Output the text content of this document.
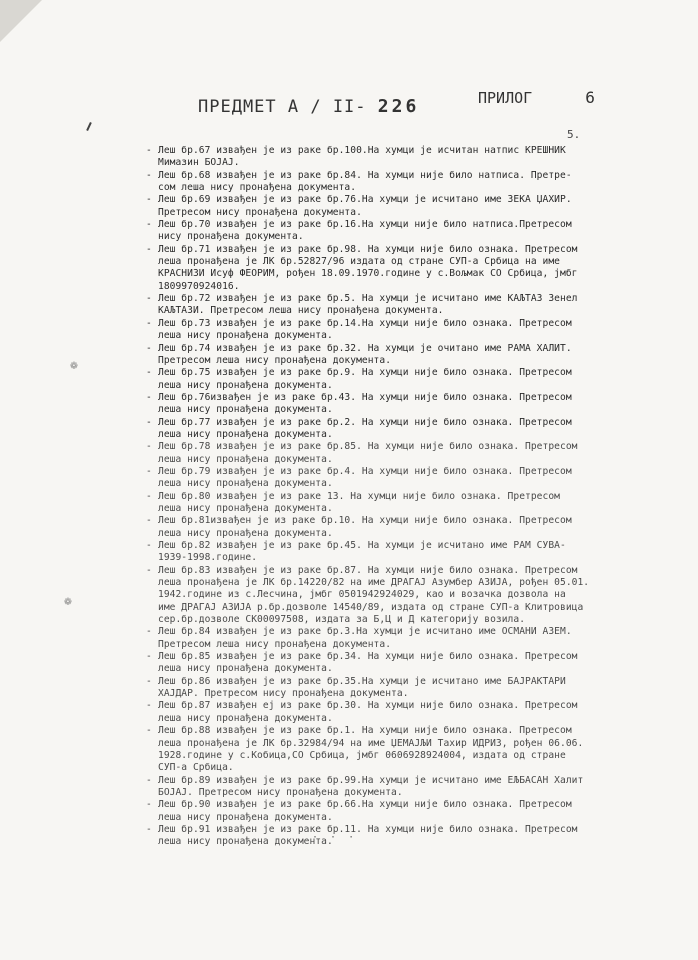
ПРЕДМЕТ А / II- 226	ПРИЛОГ	6
5.
❁
❁
- Леш бр.67 извађен је из раке бр.100.На хумци је исчитан натпис КРЕШНИК
Мимазин БОЈАЈ.
- Леш бр.68 извађен је из раке бр.84. На хумци није било натписа. Претре-
сом леша нису пронађена документа.
- Леш бр.69 извађен је из раке бр.76.На хумци је исчитано име ЗЕКА ЏАХИР.
Претресом нису пронађена документа.
- Леш бр.70 извађен је из раке бр.16.На хумци није било натписа.Претресом
нису пронађена документа.
- Леш бр.71 извађен је из раке бр.98. На хумци није било ознака. Претресом
леша пронађена је ЛК бр.52827/96 издата од стране СУП-а Србица на име
КРАСНИЗИ Исуф ФЕОРИМ, рођен 18.09.1970.године у с.Вољмак СО Србица, јмбг
1809970924016.
- Леш бр.72 извађен је из раке бр.5. На хумци је исчитано име КАЉТАЗ Зенел
КАЉТАЗИ. Претресом леша нису пронађена документа.
- Леш бр.73 извађен је из раке бр.14.На хумци није било ознака. Претресом
леша нису пронађена документа.
- Леш бр.74 извађен је из раке бр.32. На хумци је очитано име РАМА ХАЛИТ.
Претресом леша нису пронађена документа.
- Леш бр.75 извађен је из раке бр.9. На хумци није било ознака. Претресом
леша нису пронађена документа.
- Леш бр.76извађен је из раке бр.43. На хумци није било ознака. Претресом
леша нису пронађена документа.
- Леш бр.77 извађен је из раке бр.2. На хумци није било ознака. Претресом
леша нису пронађена документа.
- Леш бр.78 извађен је из раке бр.85. На хумци није било ознака. Претресом
леша нису пронађена документа.
- Леш бр.79 извађен је из раке бр.4. На хумци није било ознака. Претресом
леша нису пронађена документа.
- Леш бр.80 извађен је из раке 13. На хумци није било ознака. Претресом
леша нису пронађена документа.
- Леш бр.81извађен је из раке бр.10. На хумци није било ознака. Претресом
леша нису пронађена документа.
- Леш бр.82 извађен је из раке бр.45. На хумци је исчитано име РАМ СУВА-
1939-1998.године.
- Леш бр.83 извађен је из раке бр.87. На хумци није било ознака. Претресом
леша пронађена је ЛК бр.14220/82 на име ДРАГАЈ Азумбер АЗИЈА, рођен 05.01.
1942.године из с.Лесчина, јмбг 0501942924029, као и возачка дозвола на
име ДРАГАЈ АЗИЈА р.бр.дозволе 14540/89, издата од стране СУП-а Клитровица
сер.бр.дозволе СК00097508, издата за Б,Ц и Д категорију возила.
- Леш бр.84 извађен је из раке бр.3.На хумци је исчитано име ОСМАНИ АЗЕМ.
Претресом леша нису пронађена документа.
- Леш бр.85 извађен је из раке бр.34. На хумци није било ознака. Претресом
леша нису пронађена документа.
- Леш бр.86 извађен је из раке бр.35.На хумци је исчитано име БАЈРАКТАРИ
ХАЈДАР. Претресом нису пронађена документа.
- Леш бр.87 извађен ej из раке бр.30. На хумци није било ознака. Претресом
леша нису пронађена документа.
- Леш бр.88 извађен је из раке бр.1. На хумци није било ознака. Претресом
леша пронађена је ЛК бр.32984/94 на име ЏЕМАЈЉИ Тахир ИДРИЗ, рођен 06.06.
1928.године у с.Кобица,СО Србица, јмбг 0606928924004, издата од стране
СУП-а Србица.
- Леш бр.89 извађен је из раке бр.99.На хумци је исчитано име ЕЉБАСАН Халит
БОЈАЈ. Претресом нису пронађена документа.
- Леш бр.90 извађен је из раке бр.66.На хумци није било ознака. Претресом
леша нису пронађена документа.
- Леш бр.91 извађен је из раке бр.11. На хумци није било ознака. Претресом
леша нису пронађена документа.
· · ·
